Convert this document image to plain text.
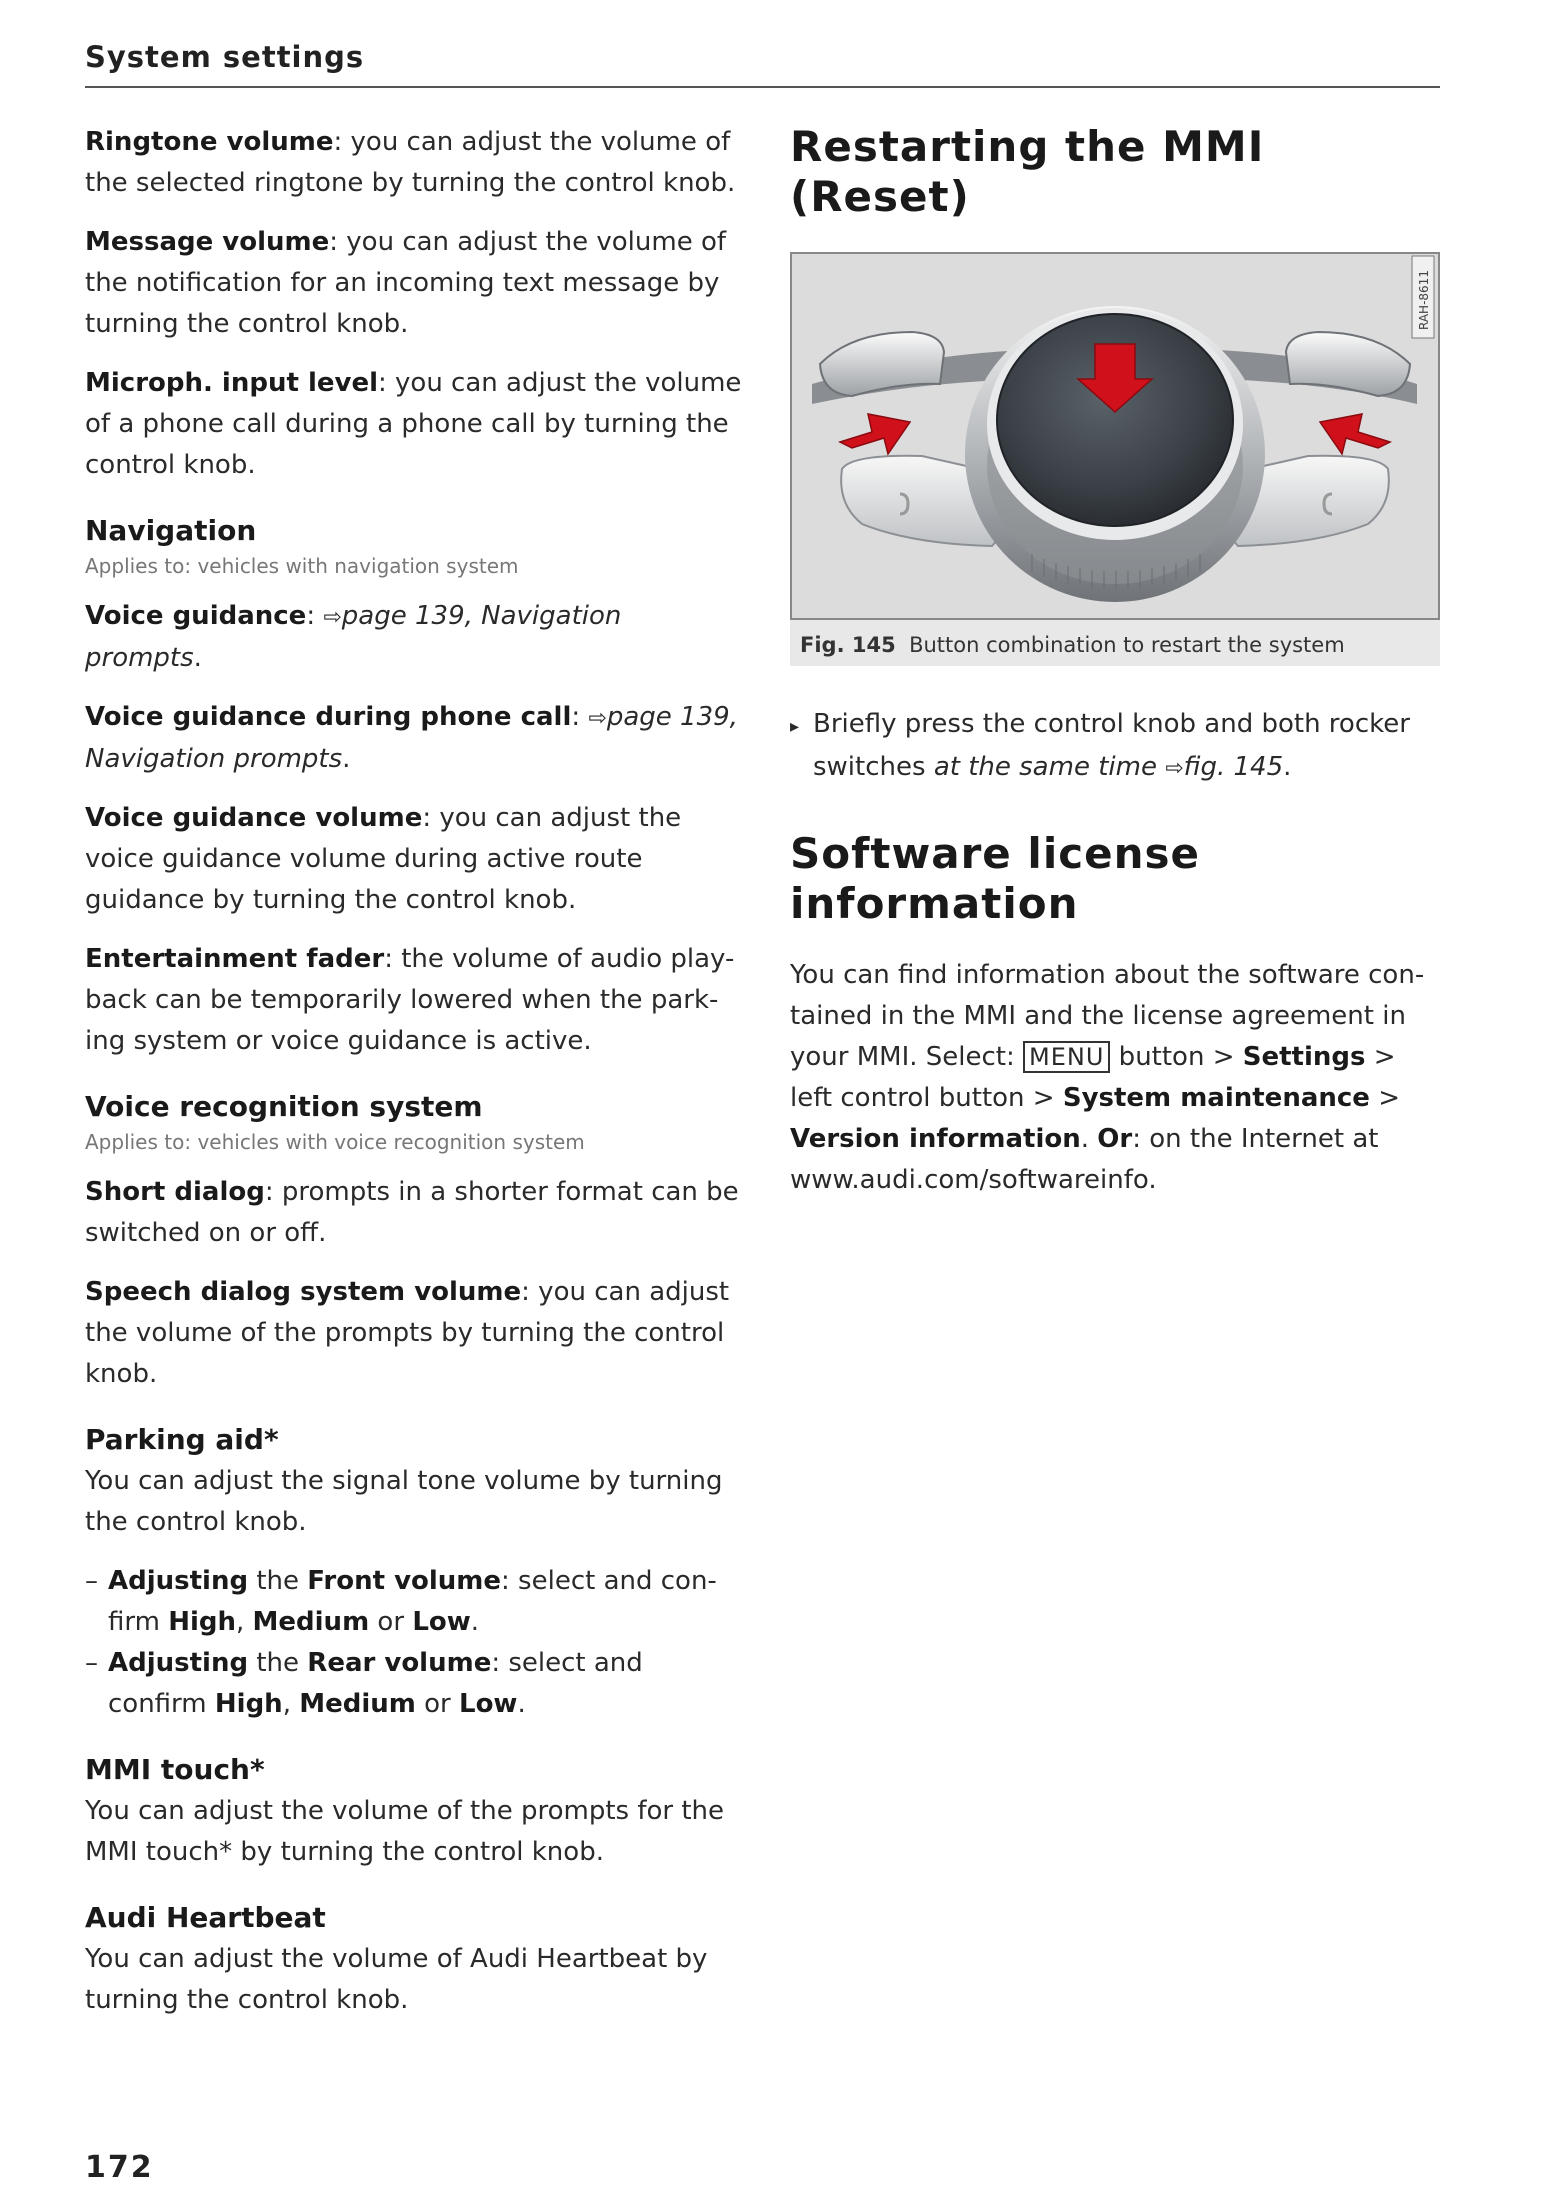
System settings

Ringtone volume: you can adjust the volume of the selected ringtone by turning the control knob.

Message volume: you can adjust the volume of the notification for an incoming text message by turning the control knob.

Microph. input level: you can adjust the volume of a phone call during a phone call by turning the control knob.

Navigation
Applies to: vehicles with navigation system

Voice guidance: ⇨page 139, Navigation prompts.

Voice guidance during phone call: ⇨page 139, Navigation prompts.

Voice guidance volume: you can adjust the voice guidance volume during active route guidance by turning the control knob.

Entertainment fader: the volume of audio play-back can be temporarily lowered when the park-ing system or voice guidance is active.

Voice recognition system
Applies to: vehicles with voice recognition system

Short dialog: prompts in a shorter format can be switched on or off.

Speech dialog system volume: you can adjust the volume of the prompts by turning the control knob.

Parking aid*

You can adjust the signal tone volume by turning the control knob.

– Adjusting the Front volume: select and con-firm High, Medium or Low.
– Adjusting the Rear volume: select and confirm High, Medium or Low.
MMI touch*

You can adjust the volume of the prompts for the MMI touch* by turning the control knob.

Audi Heartbeat

You can adjust the volume of Audi Heartbeat by turning the control knob.

Restarting the MMI (Reset)
RAH-8611
Fig. 145 Button combination to restart the system

▸ Briefly press the control knob and both rocker switches at the same time ⇨fig. 145.

Software license information

You can find information about the software con-tained in the MMI and the license agreement in your MMI. Select: MENU button > Settings > left control button > System maintenance > Version information. Or: on the Internet at www.audi.com/softwareinfo.

172
